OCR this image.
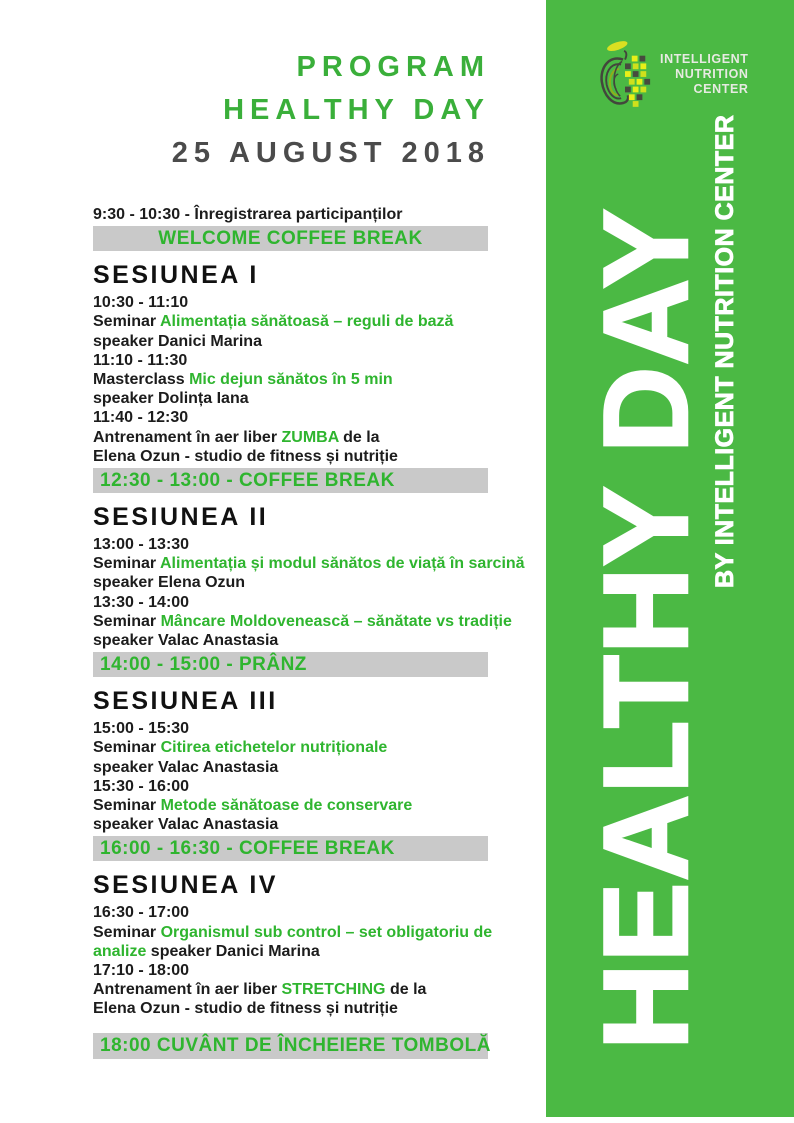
PROGRAM
HEALTHY DAY
25 AUGUST 2018
9:30 - 10:30 - Înregistrarea participanților
WELCOME COFFEE BREAK
SESIUNEA I
10:30 - 11:10
Seminar Alimentația sănătoasă – reguli de bază
speaker Danici Marina
11:10 - 11:30
Masterclass Mic dejun sănătos în 5 min
speaker Dolința Iana
11:40 - 12:30
Antrenament în aer liber ZUMBA de la
Elena Ozun - studio de fitness și nutriție
12:30 - 13:00 - COFFEE BREAK
SESIUNEA II
13:00 - 13:30
Seminar Alimentația și modul sănătos de viață în sarcină speaker Elena Ozun
13:30 - 14:00
Seminar Mâncare Moldovenească – sănătate vs tradiție speaker Valac Anastasia
14:00 - 15:00 - PRÂNZ
SESIUNEA III
15:00 - 15:30
Seminar Citirea etichetelor nutriționale
speaker Valac Anastasia
15:30 - 16:00
Seminar Metode sănătoase de conservare
speaker Valac Anastasia
16:00 - 16:30 - COFFEE BREAK
SESIUNEA IV
16:30 - 17:00
Seminar Organismul sub control – set obligatoriu de analize speaker Danici Marina
17:10 - 18:00
Antrenament în aer liber STRETCHING de la
Elena Ozun - studio de fitness și nutriție
18:00 CUVÂNT DE ÎNCHEIERE TOMBOLĂ
INTELLIGENT
NUTRITION
CENTER
HEALTHY DAY
BY INTELLIGENT NUTRITION CENTER
